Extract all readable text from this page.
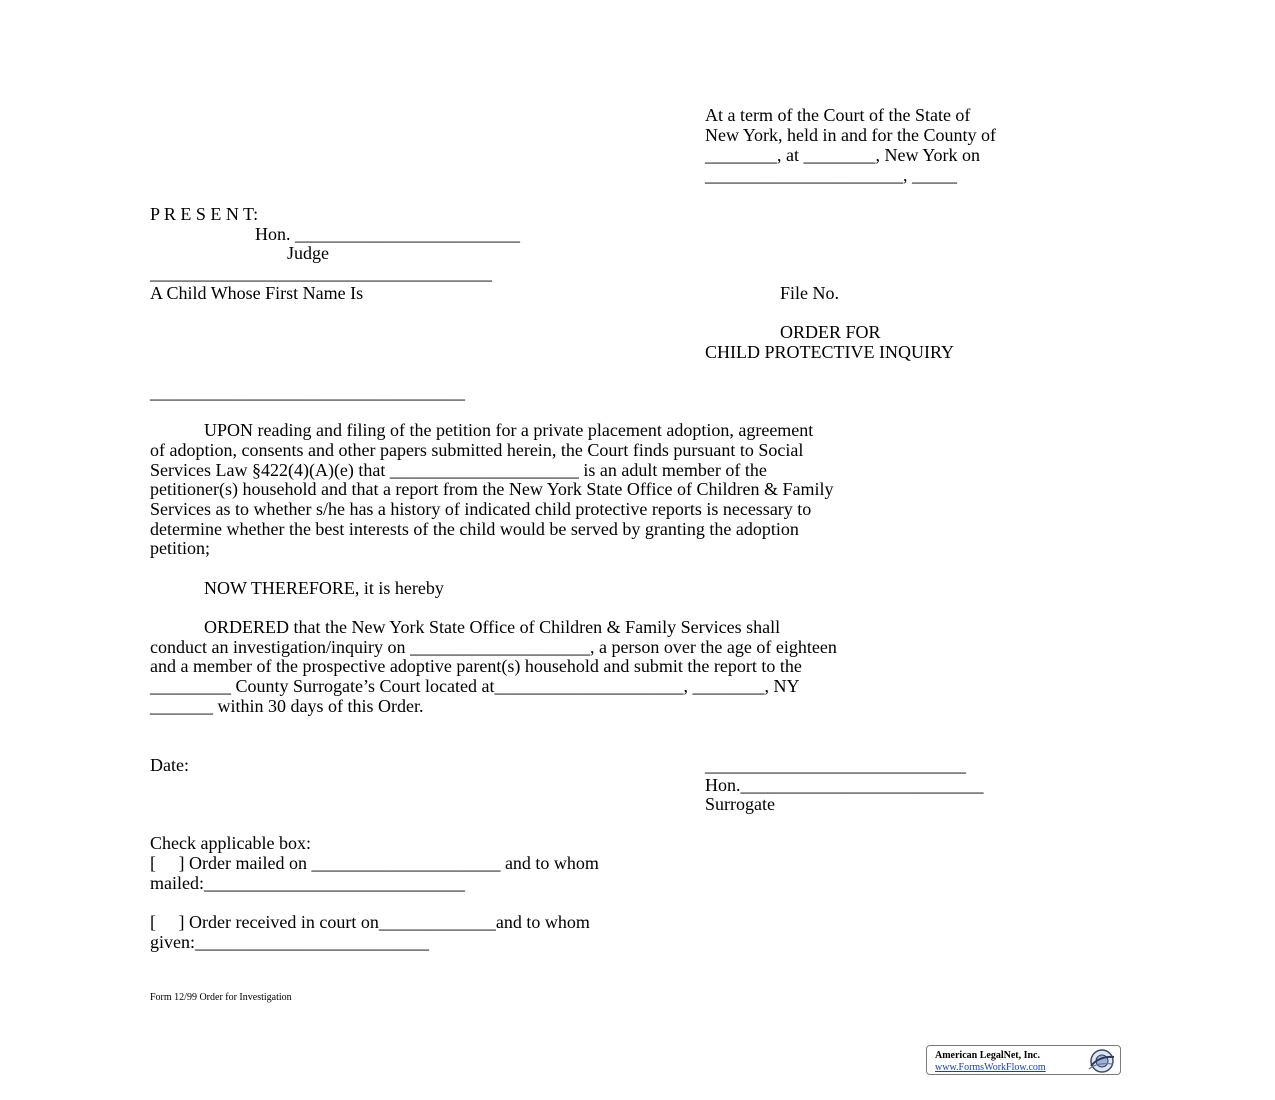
At a term of the Court of the State of
New York, held in and for the County of
________, at ________, New York on
______________________, _____
P R E S E N T:
Hon. _________________________
Judge
______________________________________
A Child Whose First Name Is	File No.
ORDER FOR
CHILD PROTECTIVE INQUIRY
___________________________________
UPON reading and filing of the petition for a private placement adoption, agreement
of adoption, consents and other papers submitted herein, the Court finds pursuant to Social
Services Law §422(4)(A)(e) that _____________________ is an adult member of the
petitioner(s) household and that a report from the New York State Office of Children & Family
Services as to whether s/he has a history of indicated child protective reports is necessary to
determine whether the best interests of the child would be served by granting the adoption
petition;
NOW THEREFORE, it is hereby
ORDERED that the New York State Office of Children & Family Services shall
conduct an investigation/inquiry on ____________________, a person over the age of eighteen
and a member of the prospective adoptive parent(s) household and submit the report to the
_________ County Surrogate’s Court located at_____________________, ________, NY
_______ within 30 days of this Order.
Date:	_____________________________
Hon.___________________________
Surrogate
Check applicable box:
[     ] Order mailed on _____________________ and to whom
mailed:_____________________________
[     ] Order received in court on_____________and to whom
given:__________________________
Form 12/99 Order for Investigation
American LegalNet, Inc.
www.FormsWorkFlow.com
